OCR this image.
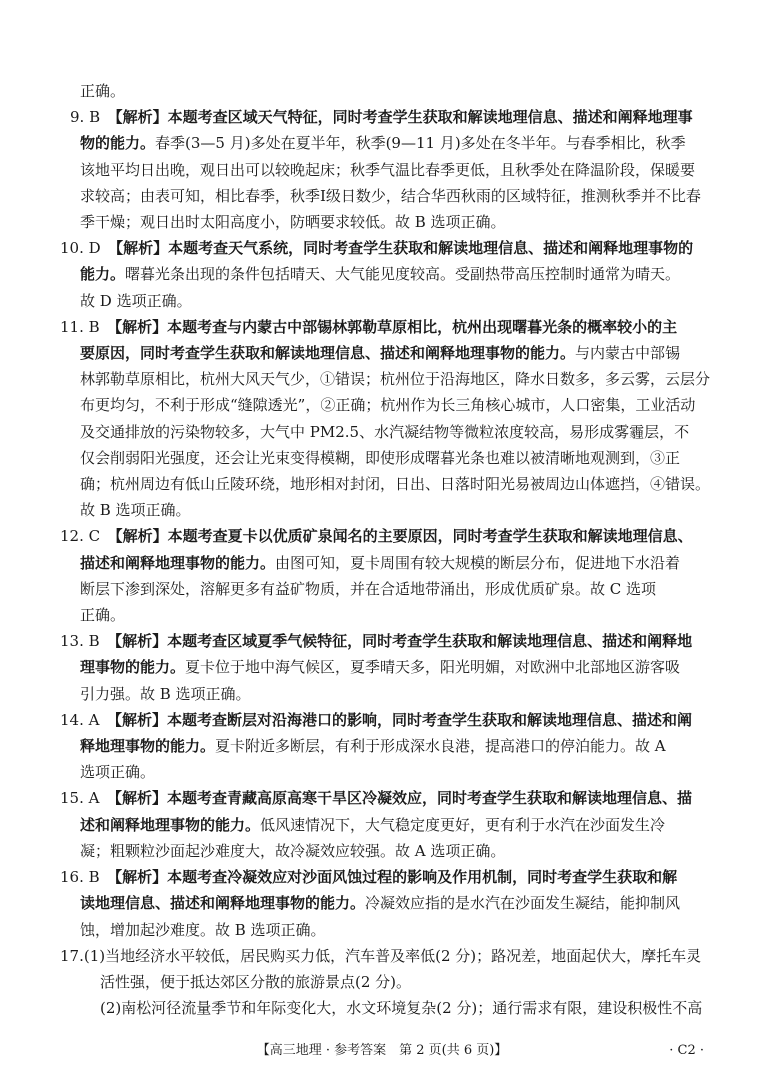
正确。
9. B　【解析】本题考查区域天气特征，同时考查学生获取和解读地理信息、描述和阐释地理事
物的能力。春季(3—5 月)多处在夏半年，秋季(9—11 月)多处在冬半年。与春季相比，秋季
该地平均日出晚，观日出可以较晚起床；秋季气温比春季更低，且秋季处在降温阶段，保暖要
求较高；由表可知，相比春季，秋季Ⅰ级日数少，结合华西秋雨的区域特征，推测秋季并不比春
季干燥；观日出时太阳高度小，防晒要求较低。故 B 选项正确。
10. D　【解析】本题考查天气系统，同时考查学生获取和解读地理信息、描述和阐释地理事物的
能力。曙暮光条出现的条件包括晴天、大气能见度较高。受副热带高压控制时通常为晴天。
故 D 选项正确。
11. B　【解析】本题考查与内蒙古中部锡林郭勒草原相比，杭州出现曙暮光条的概率较小的主
要原因，同时考查学生获取和解读地理信息、描述和阐释地理事物的能力。与内蒙古中部锡
林郭勒草原相比，杭州大风天气少，①错误；杭州位于沿海地区，降水日数多，多云雾，云层分
布更均匀，不利于形成“缝隙透光”，②正确；杭州作为长三角核心城市，人口密集，工业活动
及交通排放的污染物较多，大气中 PM2.5、水汽凝结物等微粒浓度较高，易形成雾霾层，不
仅会削弱阳光强度，还会让光束变得模糊，即使形成曙暮光条也难以被清晰地观测到，③正
确；杭州周边有低山丘陵环绕，地形相对封闭，日出、日落时阳光易被周边山体遮挡，④错误。
故 B 选项正确。
12. C　【解析】本题考查夏卡以优质矿泉闻名的主要原因，同时考查学生获取和解读地理信息、
描述和阐释地理事物的能力。由图可知，夏卡周围有较大规模的断层分布，促进地下水沿着
断层下渗到深处，溶解更多有益矿物质，并在合适地带涌出，形成优质矿泉。故 C 选项
正确。
13. B　【解析】本题考查区域夏季气候特征，同时考查学生获取和解读地理信息、描述和阐释地
理事物的能力。夏卡位于地中海气候区，夏季晴天多，阳光明媚，对欧洲中北部地区游客吸
引力强。故 B 选项正确。
14. A　【解析】本题考查断层对沿海港口的影响，同时考查学生获取和解读地理信息、描述和阐
释地理事物的能力。夏卡附近多断层，有利于形成深水良港，提高港口的停泊能力。故 A
选项正确。
15. A　【解析】本题考查青藏高原高寒干旱区冷凝效应，同时考查学生获取和解读地理信息、描
述和阐释地理事物的能力。低风速情况下，大气稳定度更好，更有利于水汽在沙面发生冷
凝；粗颗粒沙面起沙难度大，故冷凝效应较强。故 A 选项正确。
16. B　【解析】本题考查冷凝效应对沙面风蚀过程的影响及作用机制，同时考查学生获取和解
读地理信息、描述和阐释地理事物的能力。冷凝效应指的是水汽在沙面发生凝结，能抑制风
蚀，增加起沙难度。故 B 选项正确。
17.(1)当地经济水平较低，居民购买力低，汽车普及率低(2 分)；路况差，地面起伏大，摩托车灵
活性强，便于抵达郊区分散的旅游景点(2 分)。
(2)南松河径流量季节和年际变化大，水文环境复杂(2 分)；通行需求有限，建设积极性不高
【高三地理 · 参考答案　第 2 页(共 6 页)】	· C2 ·
